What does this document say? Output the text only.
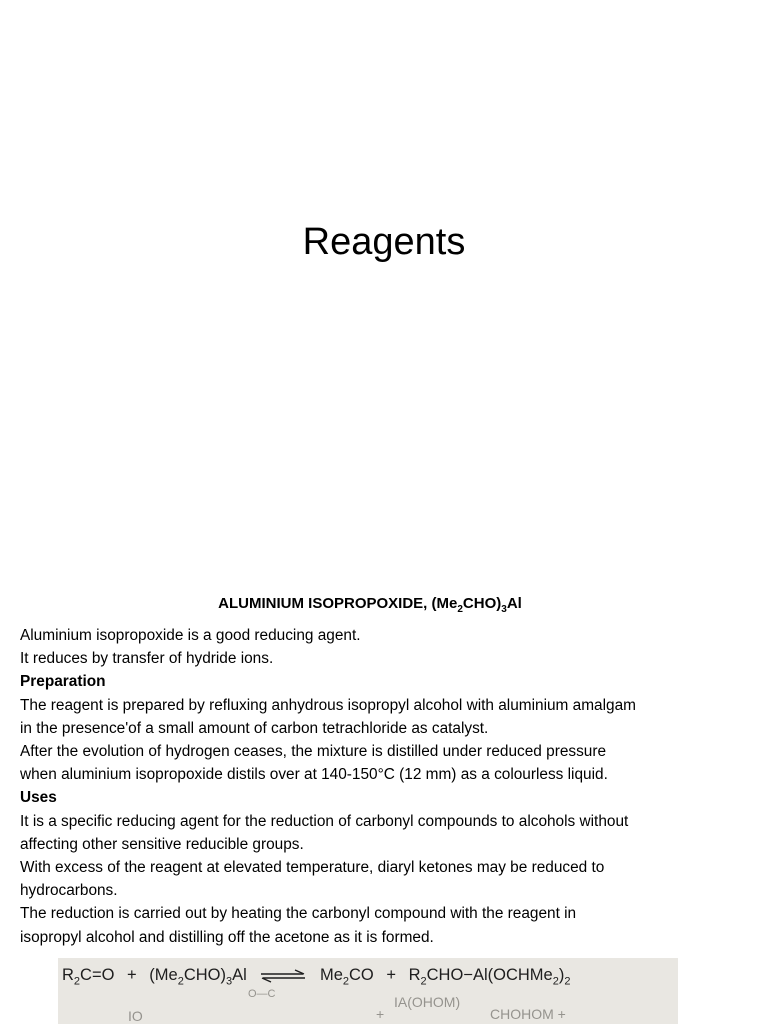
Reagents
ALUMINIUM ISOPROPOXIDE, $(Me_2CHO)_3Al$
Aluminium isopropoxide is a good reducing agent.
It reduces by transfer of hydride ions.
Preparation
The reagent is prepared by refluxing anhydrous isopropyl alcohol with aluminium amalgam
in the presence'of a small amount of carbon tetrachloride as catalyst.
After the evolution of hydrogen ceases, the mixture is distilled under reduced pressure
when aluminium isopropoxide distils over at 140-150°C (12 mm) as a colourless liquid.
Uses
It is a specific reducing agent for the reduction of carbonyl compounds to alcohols without
affecting other sensitive reducible groups.
With excess of the reagent at elevated temperature, diaryl ketones may be reduced to
hydrocarbons.
The reduction is carried out by heating the carbonyl compound with the reagent in
isopropyl alcohol and distilling off the acetone as it is formed.
$R_2C=O + (Me_2CHO)_3Al$ ⇌ $Me_2CO$ + $R_2CHO-Al(OCHMe_2)_2$
IA(OHOM)
+	CHOHOM +
IO
O—C
